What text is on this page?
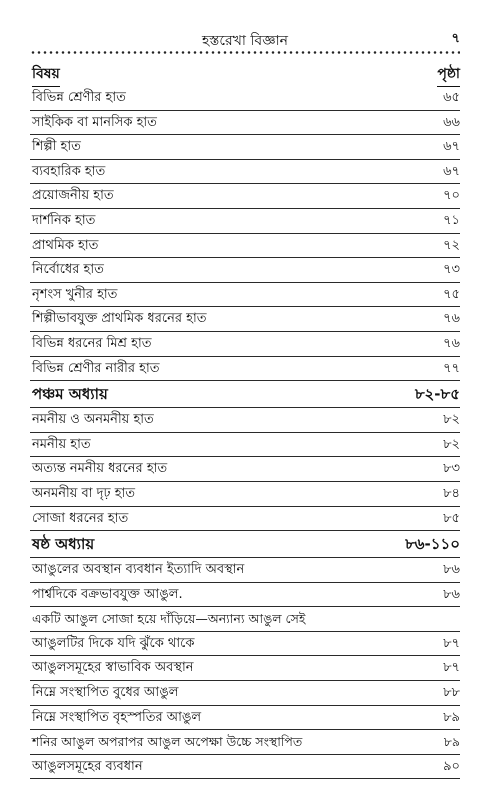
হস্তরেখা বিজ্ঞান	৭
বিষয়	পৃষ্ঠা
বিভিন্ন শ্রেণীর হাত	৬৫
সাইকিক বা মানসিক হাত	৬৬
শিল্পী হাত	৬৭
ব্যবহারিক হাত	৬৭
প্রয়োজনীয় হাত	৭০
দার্শনিক হাত	৭১
প্রাথমিক হাত	৭২
নির্বোধের হাত	৭৩
নৃশংস খুনীর হাত	৭৫
শিল্পীভাবযুক্ত প্রাথমিক ধরনের হাত	৭৬
বিভিন্ন ধরনের মিশ্র হাত	৭৬
বিভিন্ন শ্রেণীর নারীর হাত	৭৭
পঞ্চম অধ্যায়	৮২-৮৫
নমনীয় ও অনমনীয় হাত	৮২
নমনীয় হাত	৮২
অত্যন্ত নমনীয় ধরনের হাত	৮৩
অনমনীয় বা দৃঢ় হাত	৮৪
সোজা ধরনের হাত	৮৫
ষষ্ঠ অধ্যায়	৮৬-১১০
আঙুলের অবস্থান ব্যবধান ইত্যাদি অবস্থান	৮৬
পার্শ্বদিকে বক্রভাবযুক্ত আঙুল.	৮৬
একটি আঙুল সোজা হয়ে দাঁড়িয়ে—অন্যান্য আঙুল সেই
আঙুলটির দিকে যদি ঝুঁকে থাকে	৮৭
আঙুলসমূহের স্বাভাবিক অবস্থান	৮৭
নিম্নে সংস্থাপিত বুধের আঙুল	৮৮
নিম্নে সংস্থাপিত বৃহস্পতির আঙুল	৮৯
শনির আঙুল অপরাপর আঙুল অপেক্ষা উচ্চে সংস্থাপিত	৮৯
আঙুলসমূহের ব্যবধান	৯০
